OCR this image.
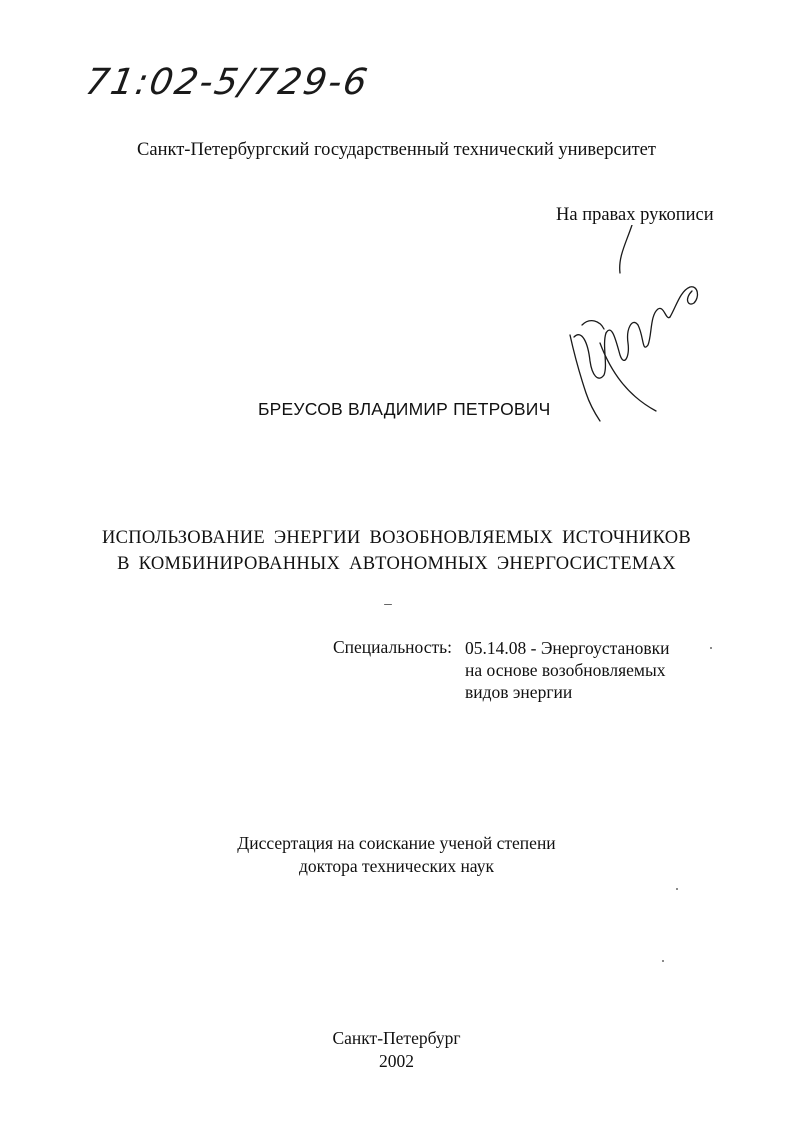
71:02-5/729-6
Санкт-Петербургский государственный технический университет
На правах рукописи
БРЕУСОВ ВЛАДИМИР ПЕТРОВИЧ
ИСПОЛЬЗОВАНИЕ ЭНЕРГИИ ВОЗОБНОВЛЯЕМЫХ ИСТОЧНИКОВ
В КОМБИНИРОВАННЫХ АВТОНОМНЫХ ЭНЕРГОСИСТЕМАХ
Специальность: 05.14.08 - Энергоустановки
на основе возобновляемых
видов энергии
Диссертация на соискание ученой степени
доктора технических наук
Санкт-Петербург
2002
